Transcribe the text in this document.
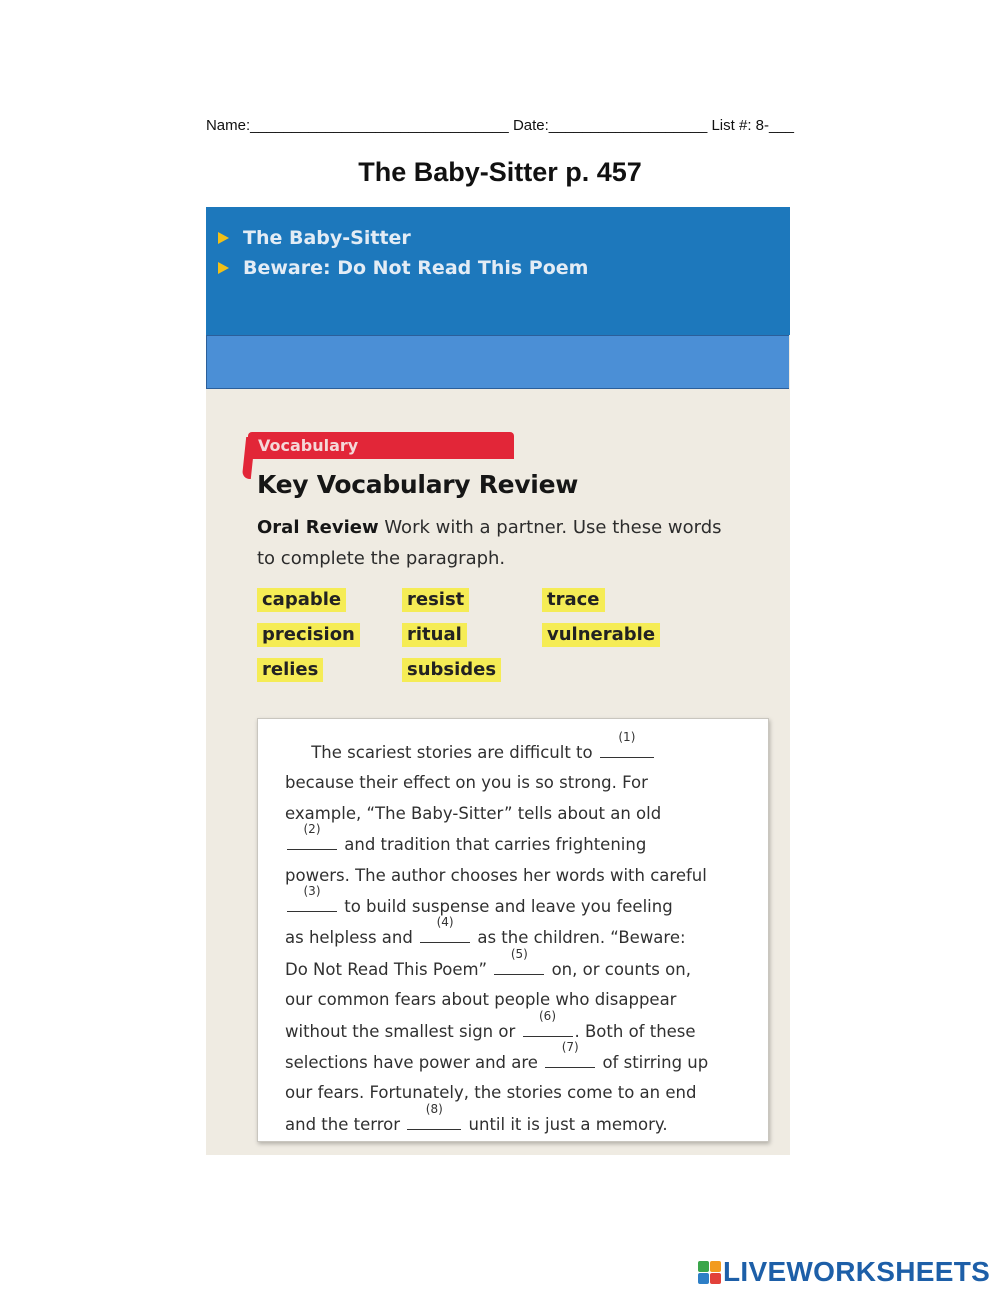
Name:_______________________________ Date:___________________ List #: 8-___
The Baby-Sitter p. 457
The Baby-Sitter
Beware: Do Not Read This Poem
Vocabulary
Key Vocabulary Review
Oral Review Work with a partner. Use these words
to complete the paragraph.
capable	resist	trace
precision	ritual	vulnerable
relies	subsides
The scariest stories are difficult to
(1)

because their effect on you is so strong. For
example, “The Baby-Sitter” tells about an old

(2)
and tradition that carries frightening
powers. The author chooses her words with careful

(3)
to build suspense and leave you feeling
as helpless and
(4)
as the children. “Beware:
Do Not Read This Poem”
(5)
on, or counts on,
our common fears about people who disappear
without the smallest sign or
(6)
. Both of these
selections have power and are
(7)
of stirring up
our fears. Fortunately, the stories come to an end
and the terror
(8)
until it is just a memory.
LIVEWORKSHEETS
